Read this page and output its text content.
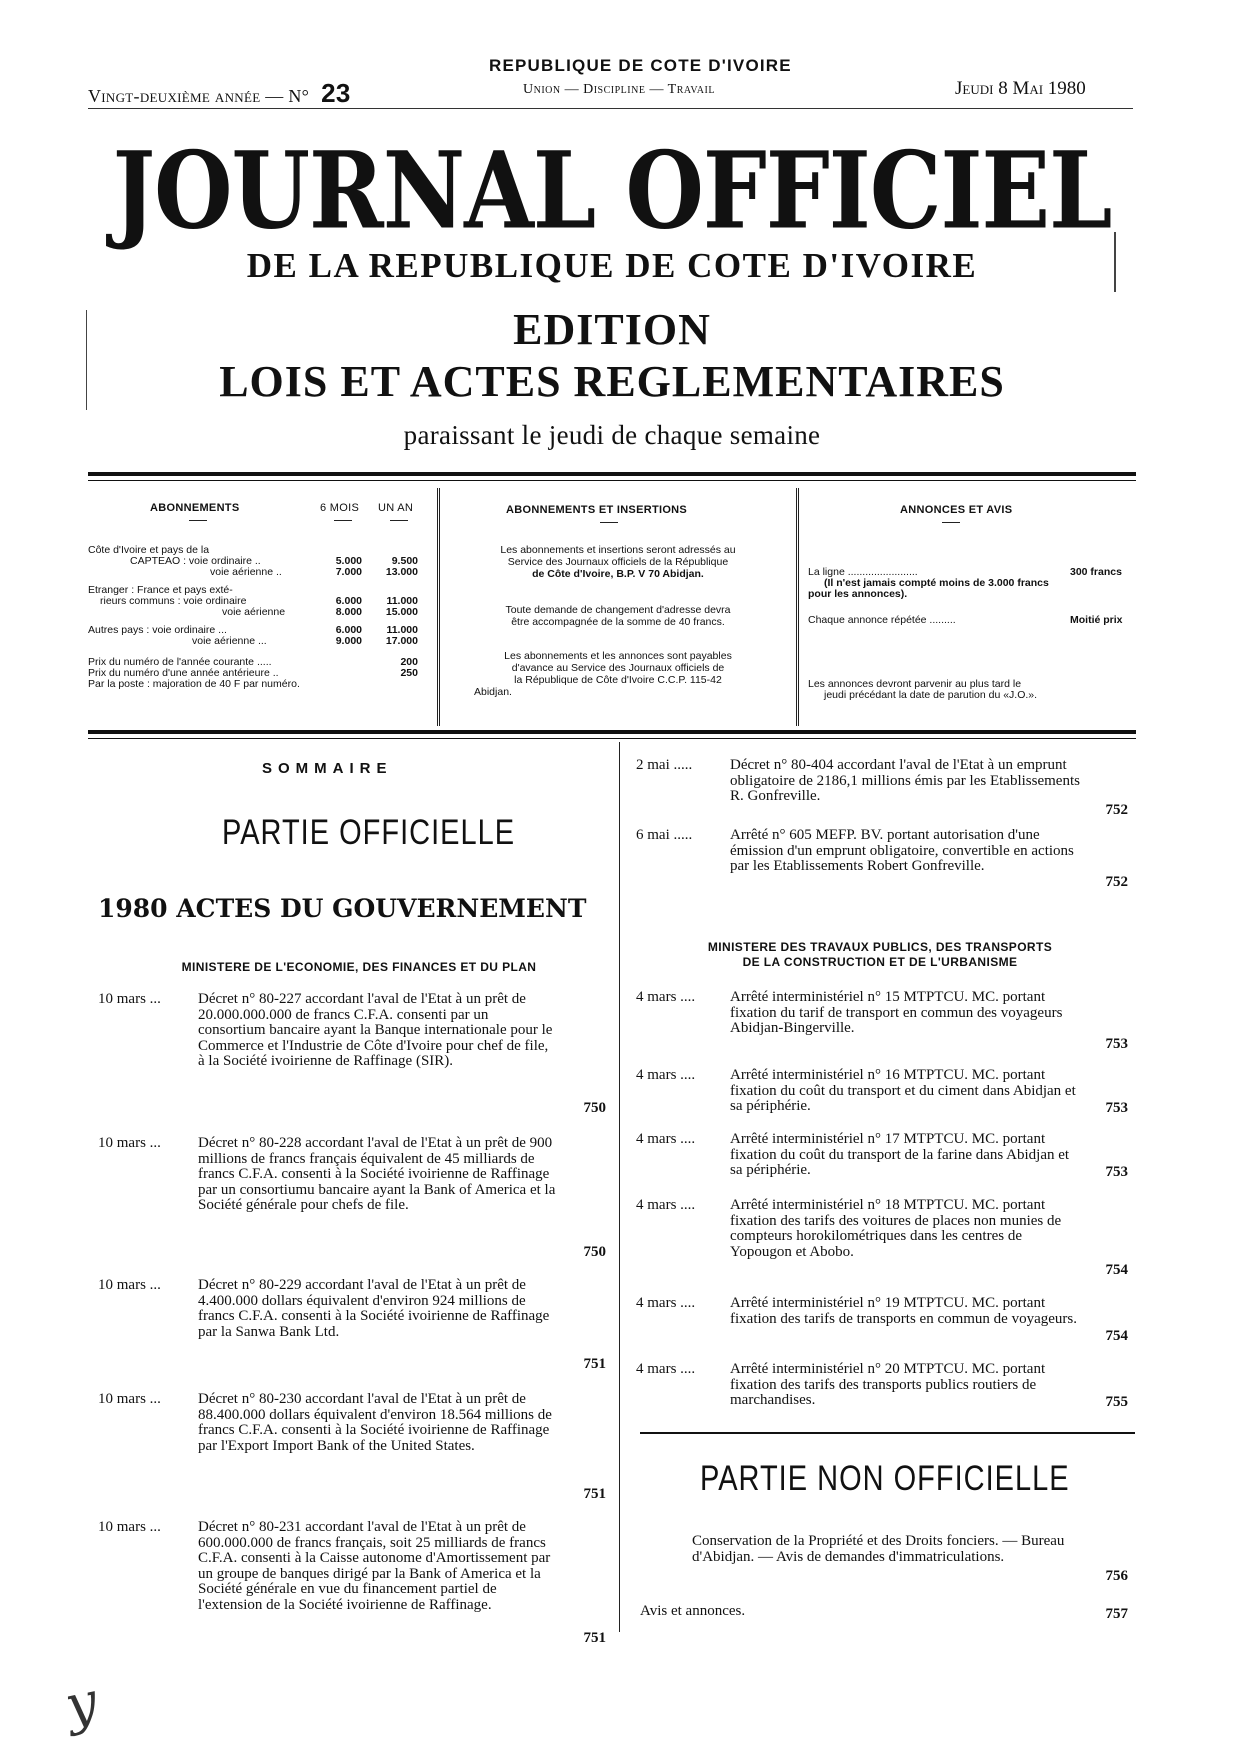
Vingt-deuxième année — N° 23
REPUBLIQUE DE COTE D'IVOIRE
Union — Discipline — Travail	Jeudi 8 Mai 1980
JOURNAL OFFICIEL
DE LA REPUBLIQUE DE COTE D'IVOIRE
EDITION
LOIS ET ACTES REGLEMENTAIRES
paraissant le jeudi de chaque semaine
ABONNEMENTS	6 MOIS UN AN
Côte d'Ivoire et pays de la
CAPTEAO : voie ordinaire ..	5.000	9.500
voie aérienne ..	7.000	13.000
Etranger : France et pays exté-
rieurs communs : voie ordinaire	6.000	11.000
voie aérienne	8.000	15.000
Autres pays : voie ordinaire ...	6.000	11.000
voie aérienne ...	9.000	17.000
Prix du numéro de l'année courante .....	200
Prix du numéro d'une année antérieure ..	250
Par la poste : majoration de 40 F par numéro.
ABONNEMENTS ET INSERTIONS
Les abonnements et insertions seront adressés au
Service des Journaux officiels de la République
de Côte d'Ivoire, B.P. V 70 Abidjan.
Toute demande de changement d'adresse devra
être accompagnée de la somme de 40 francs.
Les abonnements et les annonces sont payables
d'avance au Service des Journaux officiels de
la République de Côte d'Ivoire C.C.P. 115-42
Abidjan.
ANNONCES ET AVIS
La ligne ........................	300 francs
(Il n'est jamais compté moins de 3.000 francs
pour les annonces).
Chaque annonce répétée .........	Moitié prix
Les annonces devront parvenir au plus tard le
jeudi précédant la date de parution du «J.O.».
SOMMAIRE
PARTIE OFFICIELLE
1980 ACTES DU GOUVERNEMENT
MINISTERE DE L'ECONOMIE, DES FINANCES ET DU PLAN
10 mars ... Décret n° 80-227 accordant l'aval de l'Etat à un prêt de 20.000.000.000 de francs C.F.A. consenti par un consortium bancaire ayant la Banque internationale pour le Commerce et l'Industrie de Côte d'Ivoire pour chef de file, à la Société ivoirienne de Raffinage (SIR).
750
10 mars ... Décret n° 80-228 accordant l'aval de l'Etat à un prêt de 900 millions de francs français équivalent de 45 milliards de francs C.F.A. consenti à la Société ivoirienne de Raffinage par un consortiumu bancaire ayant la Bank of America et la Société générale pour chefs de file.
750
10 mars ... Décret n° 80-229 accordant l'aval de l'Etat à un prêt de 4.400.000 dollars équivalent d'environ 924 millions de francs C.F.A. consenti à la Société ivoirienne de Raffinage par la Sanwa Bank Ltd.
751
10 mars ... Décret n° 80-230 accordant l'aval de l'Etat à un prêt de 88.400.000 dollars équivalent d'environ 18.564 millions de francs C.F.A. consenti à la Société ivoirienne de Raffinage par l'Export Import Bank of the United States.
751
10 mars ... Décret n° 80-231 accordant l'aval de l'Etat à un prêt de 600.000.000 de francs français, soit 25 milliards de francs C.F.A. consenti à la Caisse autonome d'Amortissement par un groupe de banques dirigé par la Bank of America et la Société générale en vue du financement partiel de l'extension de la Société ivoirienne de Raffinage.
751
2 mai .....	Décret n° 80-404 accordant l'aval de l'Etat à un emprunt obligatoire de 2186,1 millions émis par les Etablissements R. Gonfreville.
752
6 mai .....	Arrêté n° 605 MEFP. BV. portant autorisation d'une émission d'un emprunt obligatoire, convertible en actions par les Etablissements Robert Gonfreville.
752
MINISTERE DES TRAVAUX PUBLICS, DES TRANSPORTS
DE LA CONSTRUCTION ET DE L'URBANISME
4 mars .... Arrêté interministériel n° 15 MTPTCU. MC. portant fixation du tarif de transport en commun des voyageurs Abidjan-Bingerville.
753
4 mars .... Arrêté interministériel n° 16 MTPTCU. MC. portant fixation du coût du transport et du ciment dans Abidjan et sa périphérie.	753
4 mars .... Arrêté interministériel n° 17 MTPTCU. MC. portant fixation du coût du transport de la farine dans Abidjan et sa périphérie.	753
4 mars .... Arrêté interministériel n° 18 MTPTCU. MC. portant fixation des tarifs des voitures de places non munies de compteurs horokilométriques dans les centres de Yopougon et Abobo.
754
4 mars .... Arrêté interministériel n° 19 MTPTCU. MC. portant fixation des tarifs de transports en commun de voyageurs.
754
4 mars .... Arrêté interministériel n° 20 MTPTCU. MC. portant fixation des tarifs des transports publics routiers de marchandises.	755
PARTIE NON OFFICIELLE
Conservation de la Propriété et des Droits fonciers. — Bureau d'Abidjan. — Avis de demandes d'immatriculations.
756
Avis et annonces.	757
y
